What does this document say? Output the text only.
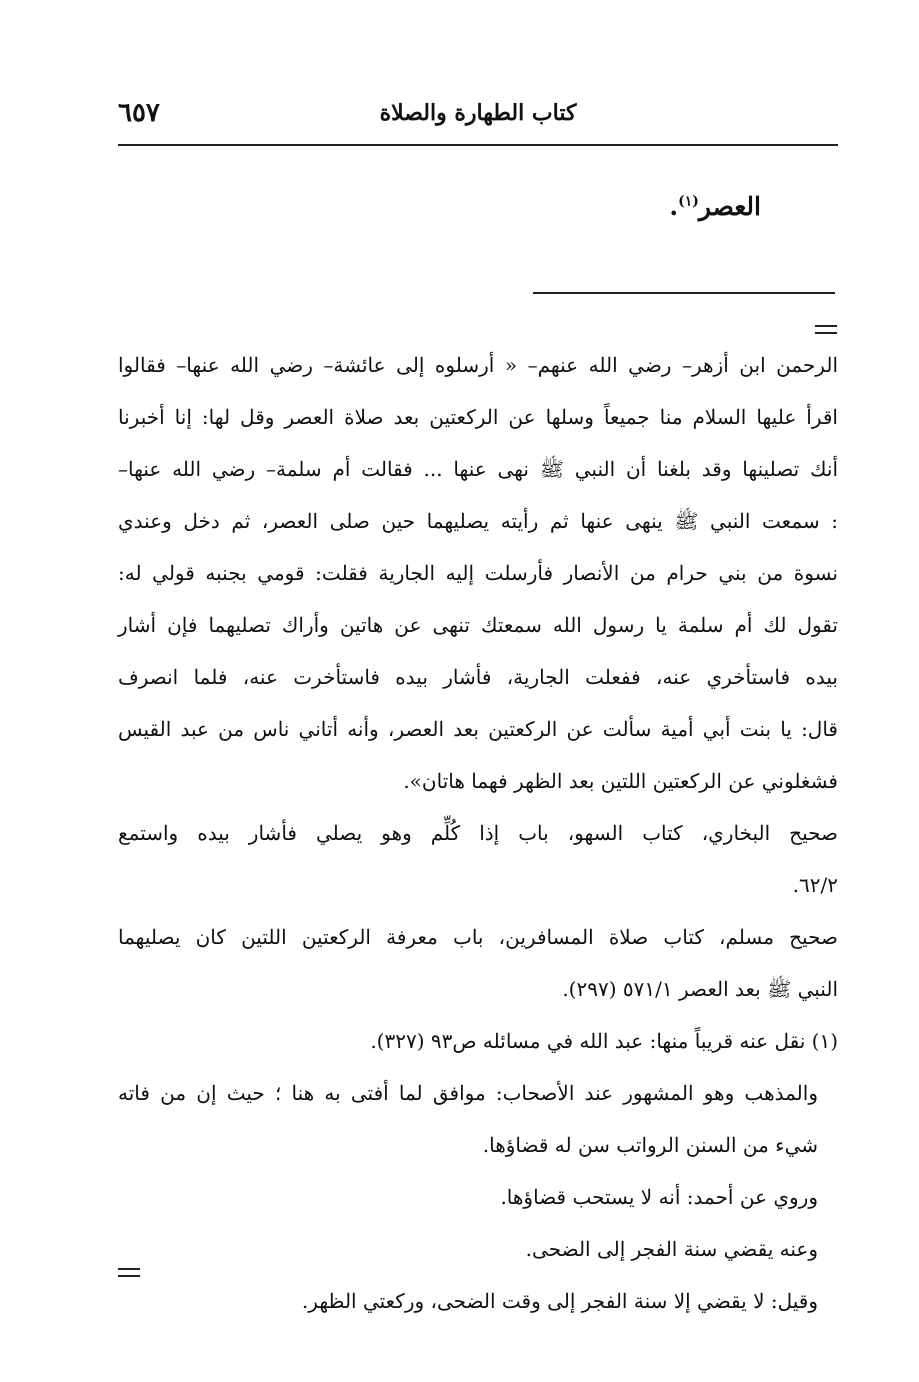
كتاب الطهارة والصلاة
٦٥٧
العصر$^{(١)}$.
الرحمن ابن أزهر– رضي الله عنهم– « أرسلوه إلى عائشة– رضي الله عنها– فقالوا
اقرأ عليها السلام منا جميعاً وسلها عن الركعتين بعد صلاة العصر وقل لها: إنا أخبرنا
أنك تصلينها وقد بلغنا أن النبي ﷺ نهى عنها ... فقالت أم سلمة– رضي الله عنها–
: سمعت النبي ﷺ ينهى عنها ثم رأيته يصليهما حين صلى العصر، ثم دخل وعندي
نسوة من بني حرام من الأنصار فأرسلت إليه الجارية فقلت: قومي بجنبه قولي له:
تقول لك أم سلمة يا رسول الله سمعتك تنهى عن هاتين وأراك تصليهما فإن أشار
بيده فاستأخري عنه، ففعلت الجارية، فأشار بيده فاستأخرت عنه، فلما انصرف
قال: يا بنت أبي أمية سألت عن الركعتين بعد العصر، وأنه أتاني ناس من عبد القيس
فشغلوني عن الركعتين اللتين بعد الظهر فهما هاتان».
صحيح البخاري، كتاب السهو، باب إذا كُلِّم وهو يصلي فأشار بيده واستمع
٦٢/٢.
صحيح مسلم، كتاب صلاة المسافرين، باب معرفة الركعتين اللتين كان يصليهما
النبي ﷺ بعد العصر ٥٧١/١ (٢٩٧).
(١) نقل عنه قريباً منها: عبد الله في مسائله ص٩٣ (٣٢٧).
والمذهب وهو المشهور عند الأصحاب: موافق لما أفتى به هنا ؛ حيث إن من فاته
شيء من السنن الرواتب سن له قضاؤها.
وروي عن أحمد: أنه لا يستحب قضاؤها.
وعنه يقضي سنة الفجر إلى الضحى.
وقيل: لا يقضي إلا سنة الفجر إلى وقت الضحى، وركعتي الظهر.
